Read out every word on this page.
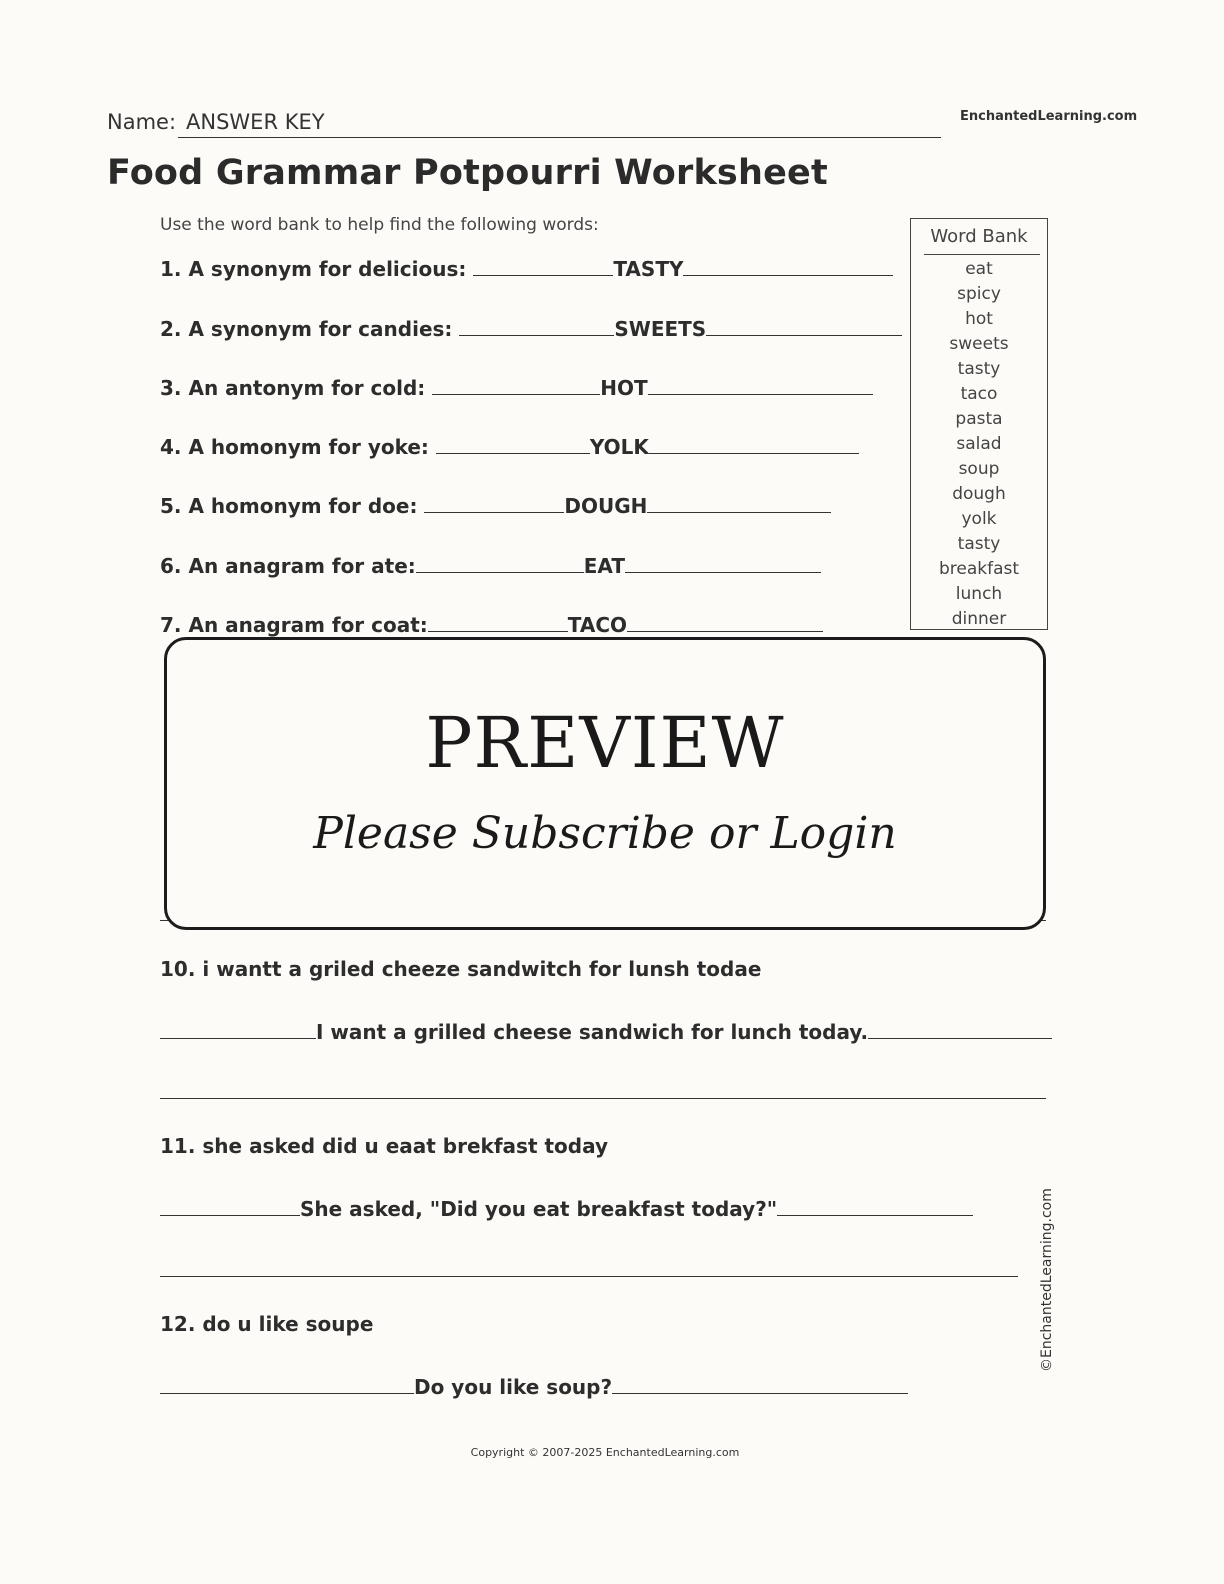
Name: ANSWER KEY	EnchantedLearning.com
Food Grammar Potpourri Worksheet
Use the word bank to help find the following words:
1. A synonym for delicious:	TASTY
2. A synonym for candies:	SWEETS
3. An antonym for cold:	HOT
4. A homonym for yoke:	YOLK
5. A homonym for doe:	DOUGH
6. An anagram for ate:	EAT
7. An anagram for coat:	TACO
Word Bank
eat
spicy
hot
sweets
tasty
taco
pasta
salad
soup
dough
yolk
tasty
breakfast
lunch
dinner
PREVIEW
Please Subscribe or Login
10. i wantt a griled cheeze sandwitch for lunsh todae
I want a grilled cheese sandwich for lunch today.
11. she asked did u eaat brekfast today
She asked, "Did you eat breakfast today?"
12. do u like soupe
Do you like soup?
©EnchantedLearning.com
Copyright © 2007-2025 EnchantedLearning.com
